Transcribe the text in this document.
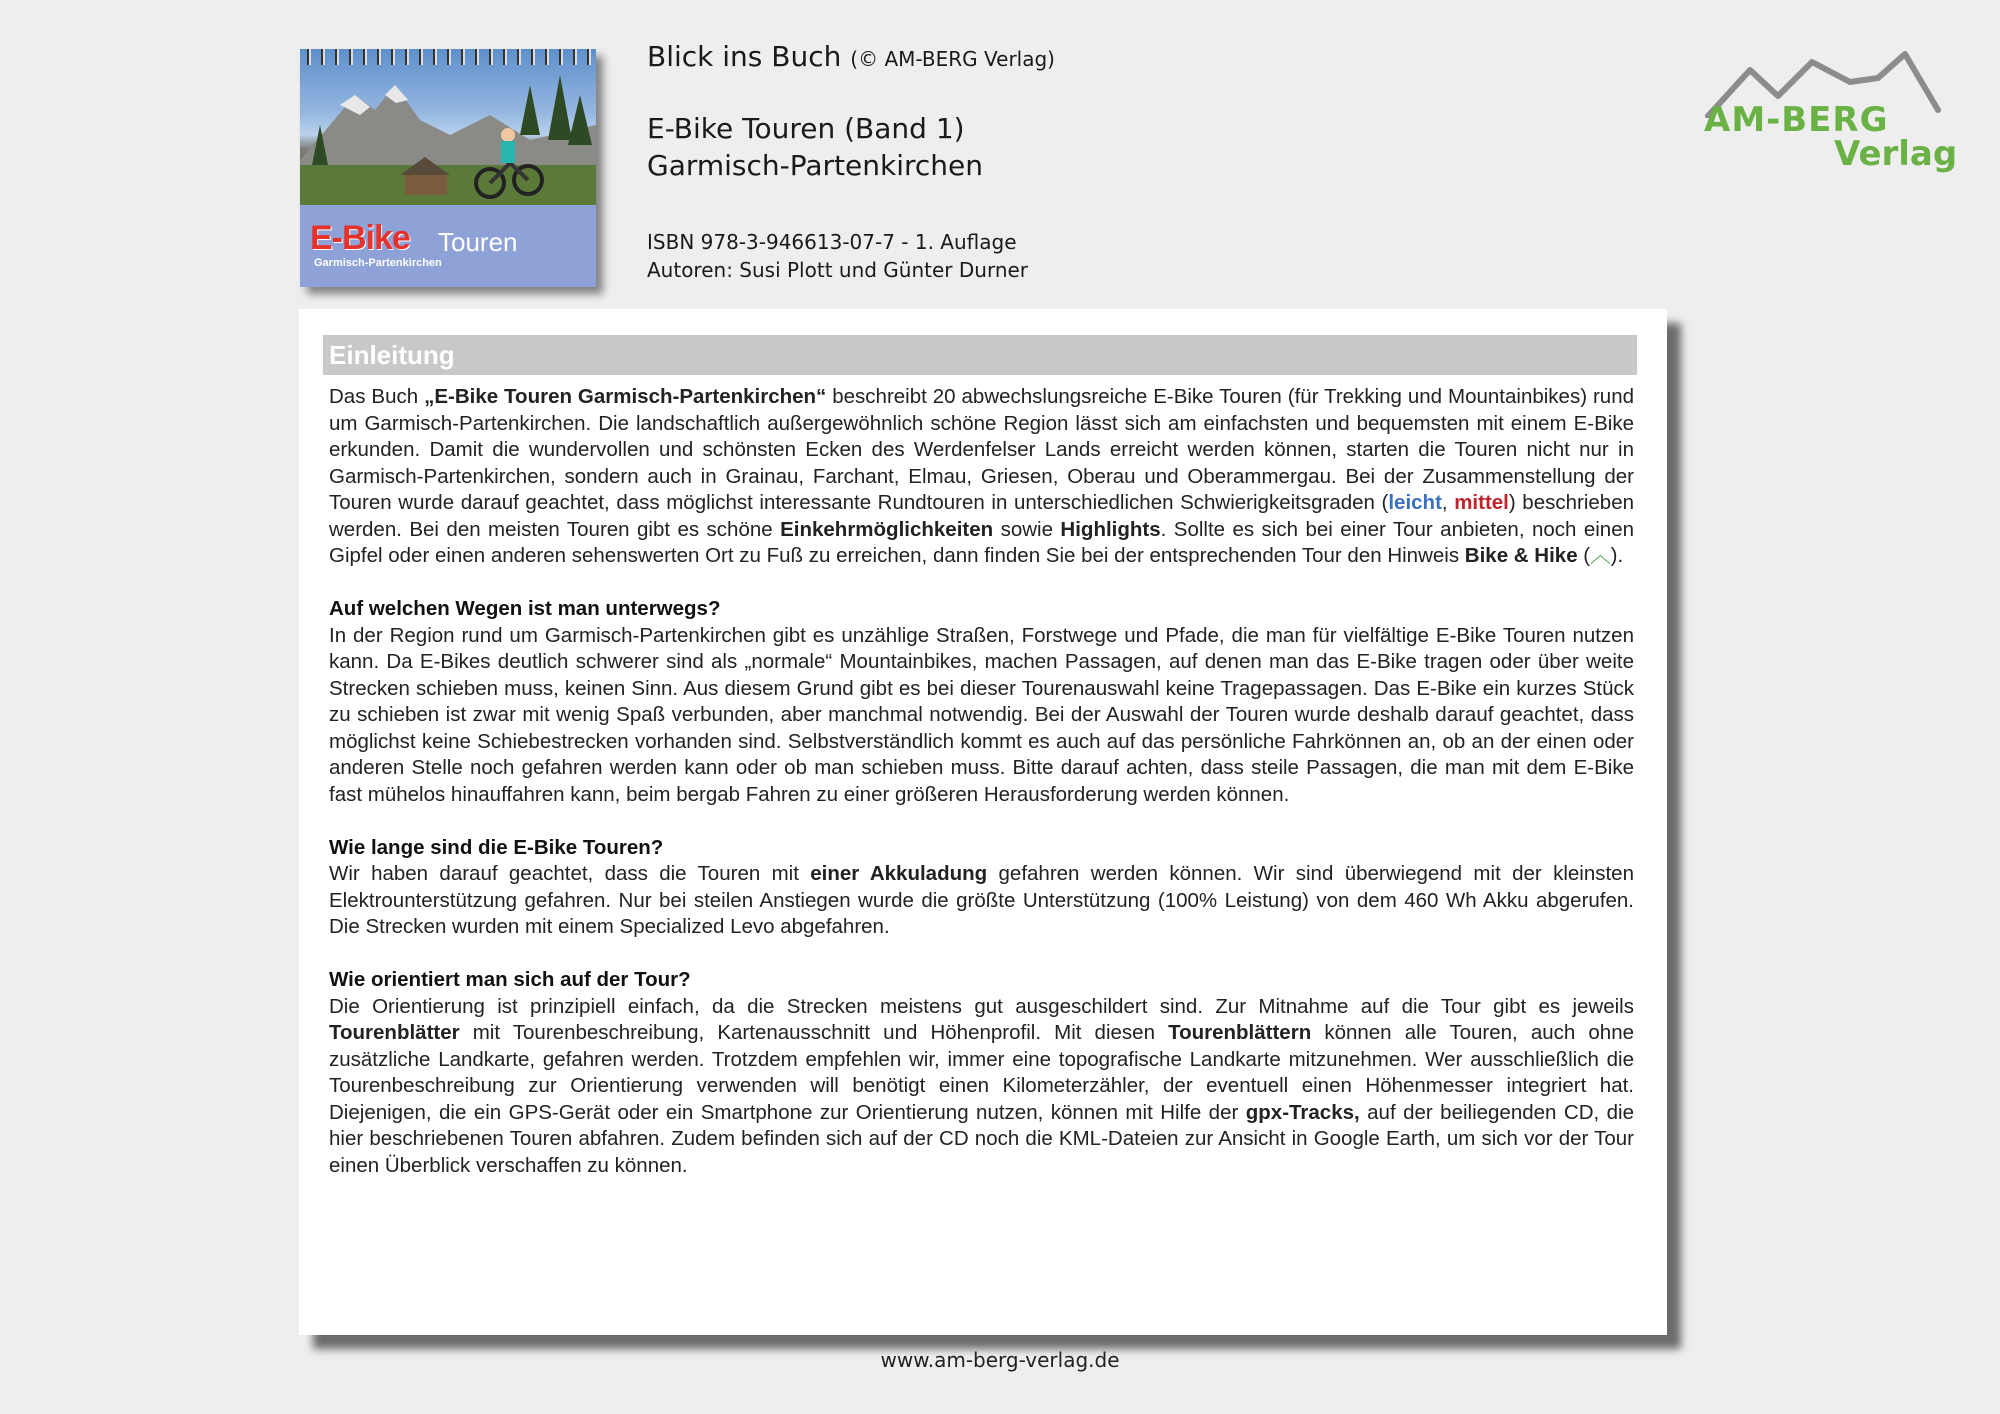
E-Bike Touren
Garmisch-Partenkirchen
Blick ins Buch (© AM-BERG Verlag)
E-Bike Touren (Band 1)
Garmisch-Partenkirchen
ISBN 978-3-946613-07-7 - 1. Auflage
Autoren: Susi Plott und Günter Durner
AM-BERG
Verlag
Einleitung

Das Buch „E-Bike Touren Garmisch-Partenkirchen“ beschreibt 20 abwechslungsreiche E-Bike Touren (für Trekking und Mountainbikes) rund um Garmisch-Partenkirchen. Die landschaftlich außergewöhnlich schöne Region lässt sich am einfachsten und bequemsten mit einem E-Bike erkunden. Damit die wundervollen und schönsten Ecken des Werdenfelser Lands erreicht werden können, starten die Touren nicht nur in Garmisch-Partenkirchen, sondern auch in Grainau, Farchant, Elmau, Griesen, Oberau und Oberammergau. Bei der Zusammenstellung der Touren wurde darauf geachtet, dass möglichst interessante Rundtouren in unterschiedlichen Schwierigkeitsgraden (leicht, mittel) beschrieben werden. Bei den meisten Touren gibt es schöne Einkehrmöglichkeiten sowie Highlights. Sollte es sich bei einer Tour anbieten, noch einen Gipfel oder einen anderen sehenswerten Ort zu Fuß zu erreichen, dann finden Sie bei der entsprechenden Tour den Hinweis Bike & Hike (︿).

Auf welchen Wegen ist man unterwegs?

In der Region rund um Garmisch-Partenkirchen gibt es unzählige Straßen, Forstwege und Pfade, die man für vielfältige E-Bike Touren nutzen kann. Da E-Bikes deutlich schwerer sind als „normale“ Mountainbikes, machen Passagen, auf denen man das E-Bike tragen oder über weite Strecken schieben muss, keinen Sinn. Aus diesem Grund gibt es bei dieser Tourenauswahl keine Tragepassagen. Das E-Bike ein kurzes Stück zu schieben ist zwar mit wenig Spaß verbunden, aber manchmal notwendig. Bei der Auswahl der Touren wurde deshalb darauf geachtet, dass möglichst keine Schiebestrecken vorhanden sind. Selbstverständlich kommt es auch auf das persönliche Fahrkönnen an, ob an der einen oder anderen Stelle noch gefahren werden kann oder ob man schieben muss. Bitte darauf achten, dass steile Passagen, die man mit dem E-Bike fast mühelos hinauffahren kann, beim bergab Fahren zu einer größeren Herausforderung werden können.

Wie lange sind die E-Bike Touren?

Wir haben darauf geachtet, dass die Touren mit einer Akkuladung gefahren werden können. Wir sind überwiegend mit der kleinsten Elektrounterstützung gefahren. Nur bei steilen Anstiegen wurde die größte Unterstützung (100% Leistung) von dem 460 Wh Akku abgerufen. Die Strecken wurden mit einem Specialized Levo abgefahren.

Wie orientiert man sich auf der Tour?

Die Orientierung ist prinzipiell einfach, da die Strecken meistens gut ausgeschildert sind. Zur Mitnahme auf die Tour gibt es jeweils Tourenblätter mit Tourenbeschreibung, Kartenausschnitt und Höhenprofil. Mit diesen Tourenblättern können alle Touren, auch ohne zusätzliche Landkarte, gefahren werden. Trotzdem empfehlen wir, immer eine topografische Landkarte mitzunehmen. Wer ausschließlich die Tourenbeschreibung zur Orientierung verwenden will benötigt einen Kilometerzähler, der eventuell einen Höhenmesser integriert hat. Diejenigen, die ein GPS-Gerät oder ein Smartphone zur Orientierung nutzen, können mit Hilfe der gpx-Tracks, auf der beiliegenden CD, die hier beschriebenen Touren abfahren. Zudem befinden sich auf der CD noch die KML-Dateien zur Ansicht in Google Earth, um sich vor der Tour einen Überblick verschaffen zu können.

www.am-berg-verlag.de
